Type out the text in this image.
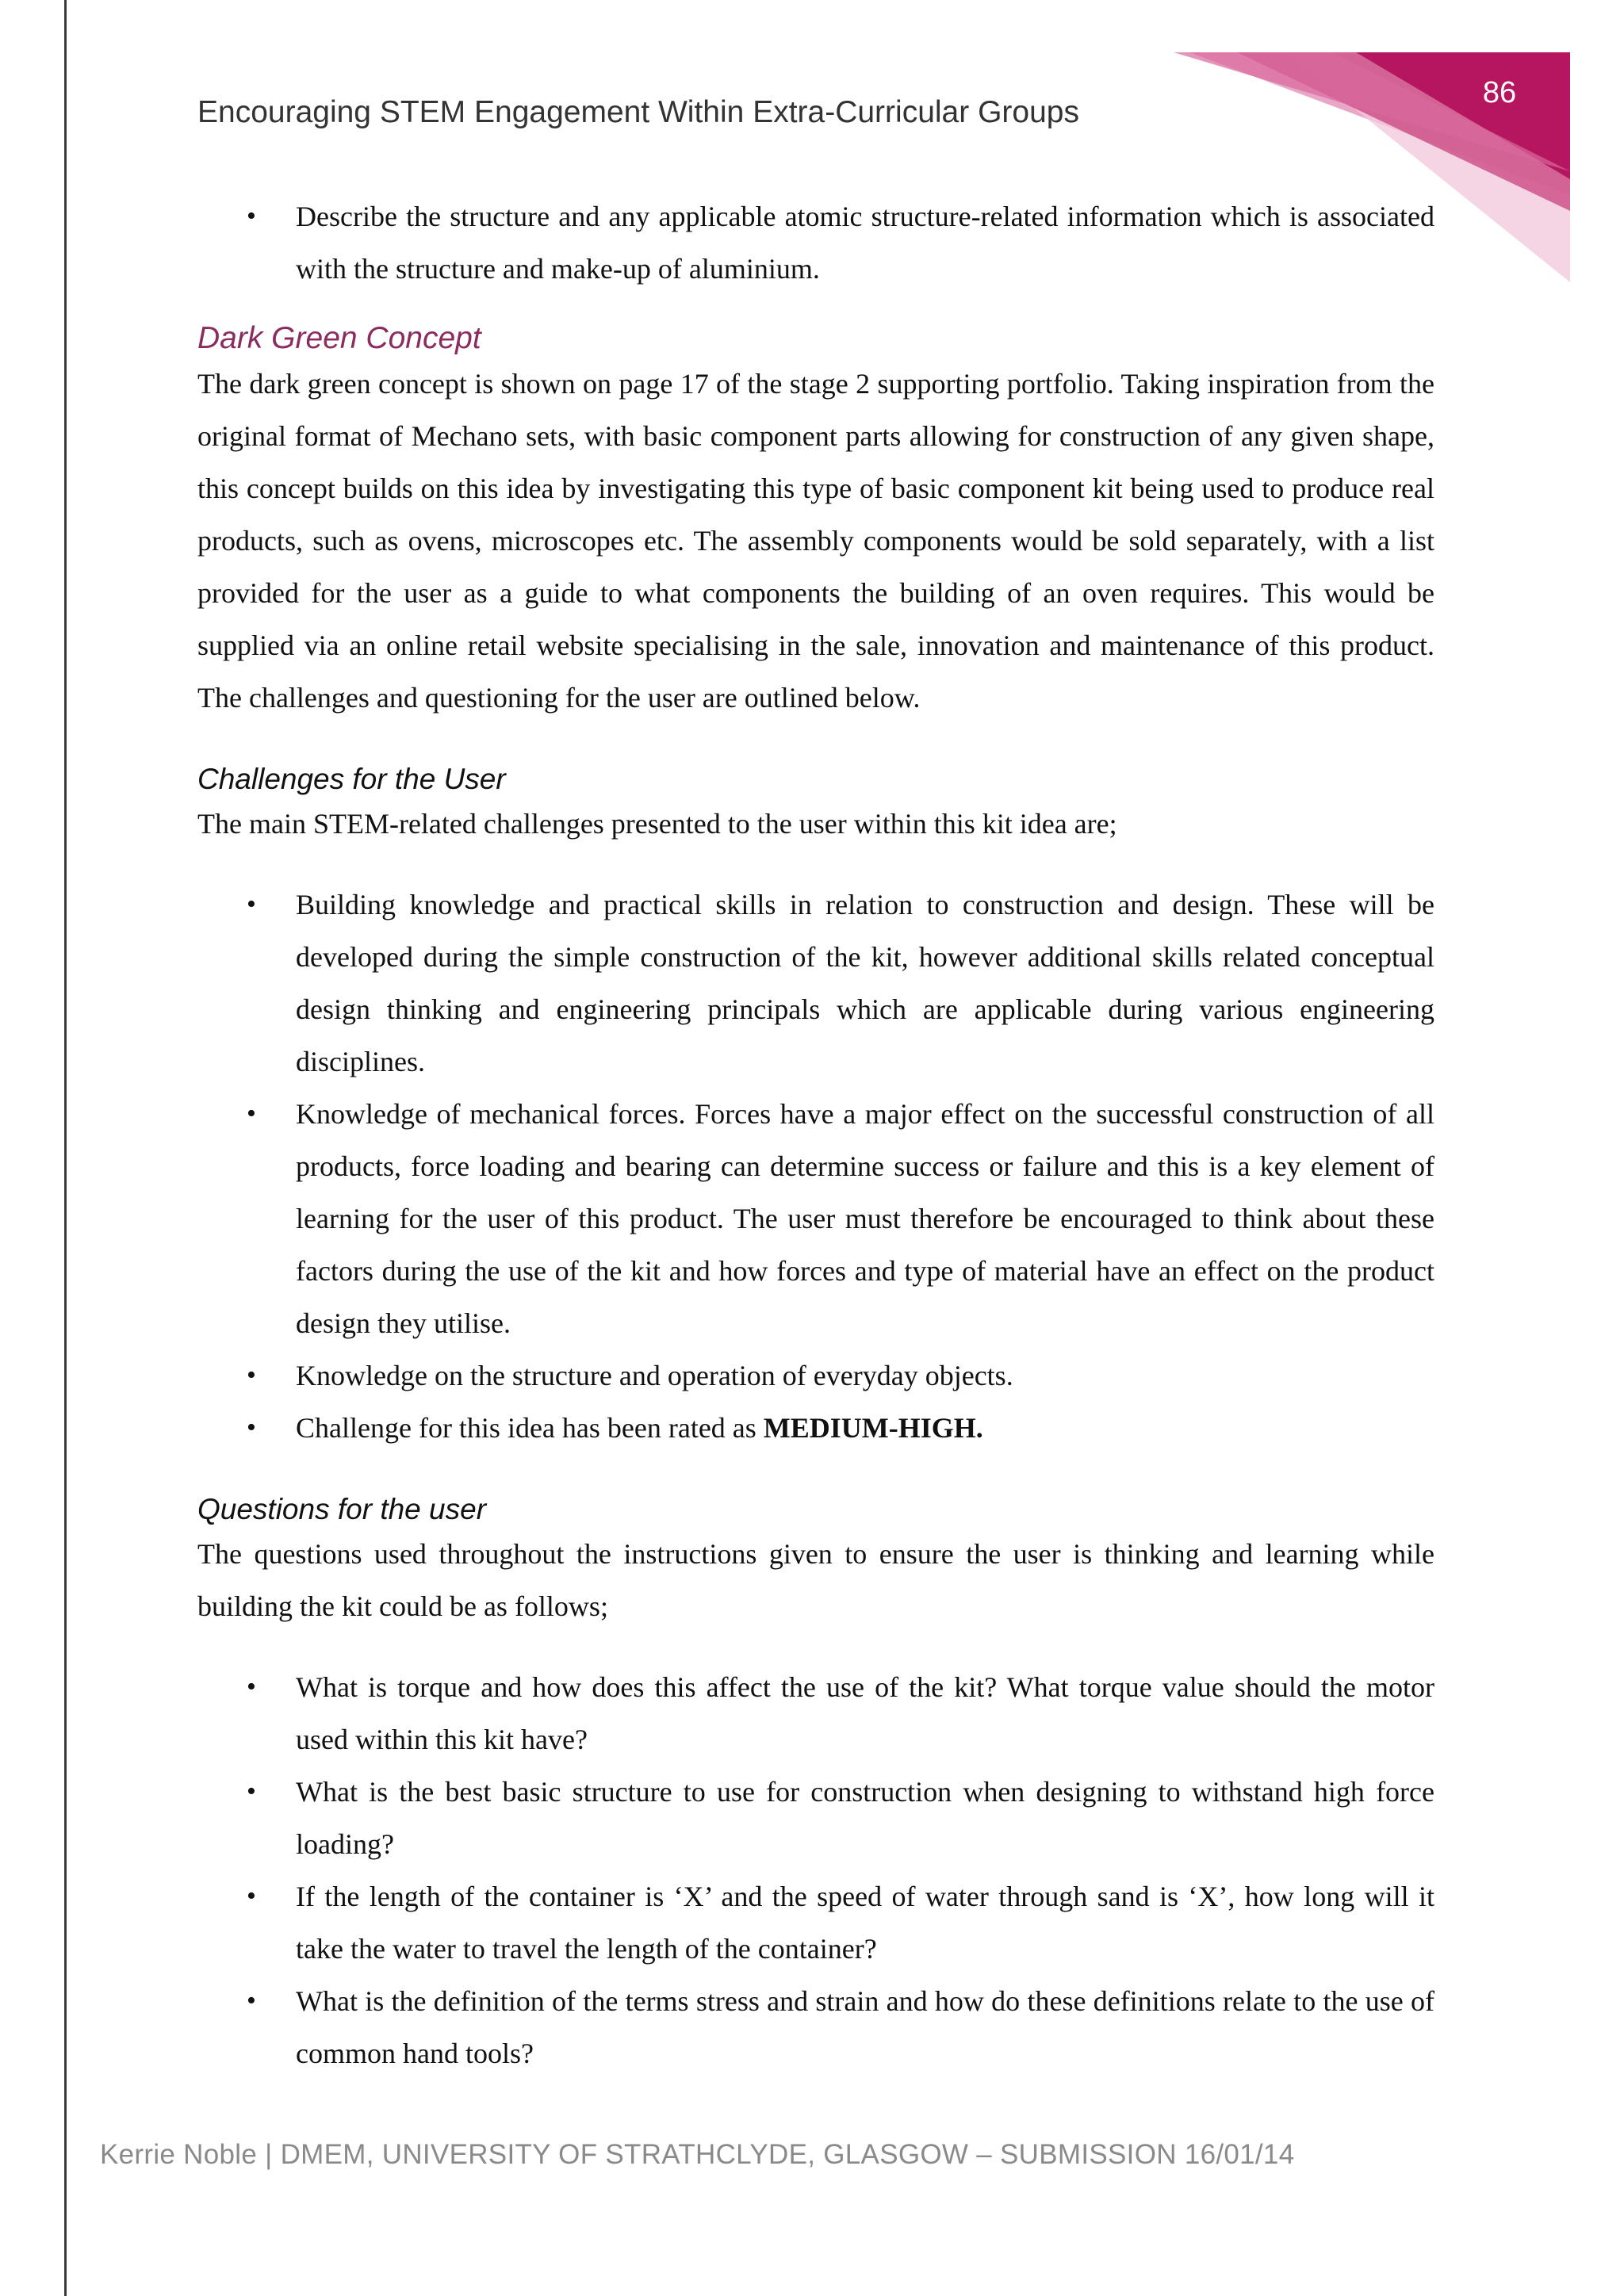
86
Encouraging STEM Engagement Within Extra-Curricular Groups
• Describe the structure and any applicable atomic structure-related information which is associated with the structure and make-up of aluminium.
Dark Green Concept

The dark green concept is shown on page 17 of the stage 2 supporting portfolio. Taking inspiration from the original format of Mechano sets, with basic component parts allowing for construction of any given shape, this concept builds on this idea by investigating this type of basic component kit being used to produce real products, such as ovens, microscopes etc. The assembly components would be sold separately, with a list provided for the user as a guide to what components the building of an oven requires. This would be supplied via an online retail website specialising in the sale, innovation and maintenance of this product. The challenges and questioning for the user are outlined below.

Challenges for the User

The main STEM-related challenges presented to the user within this kit idea are;

• Building knowledge and practical skills in relation to construction and design. These will be developed during the simple construction of the kit, however additional skills related conceptual design thinking and engineering principals which are applicable during various engineering disciplines.
• Knowledge of mechanical forces. Forces have a major effect on the successful construction of all products, force loading and bearing can determine success or failure and this is a key element of learning for the user of this product. The user must therefore be encouraged to think about these factors during the use of the kit and how forces and type of material have an effect on the product design they utilise.
• Knowledge on the structure and operation of everyday objects.
• Challenge for this idea has been rated as MEDIUM-HIGH.
Questions for the user

The questions used throughout the instructions given to ensure the user is thinking and learning while building the kit could be as follows;

• What is torque and how does this affect the use of the kit? What torque value should the motor used within this kit have?
• What is the best basic structure to use for construction when designing to withstand high force loading?
• If the length of the container is ‘X’ and the speed of water through sand is ‘X’, how long will it take the water to travel the length of the container?
• What is the definition of the terms stress and strain and how do these definitions relate to the use of common hand tools?
Kerrie Noble | DMEM, UNIVERSITY OF STRATHCLYDE, GLASGOW – SUBMISSION 16/01/14
